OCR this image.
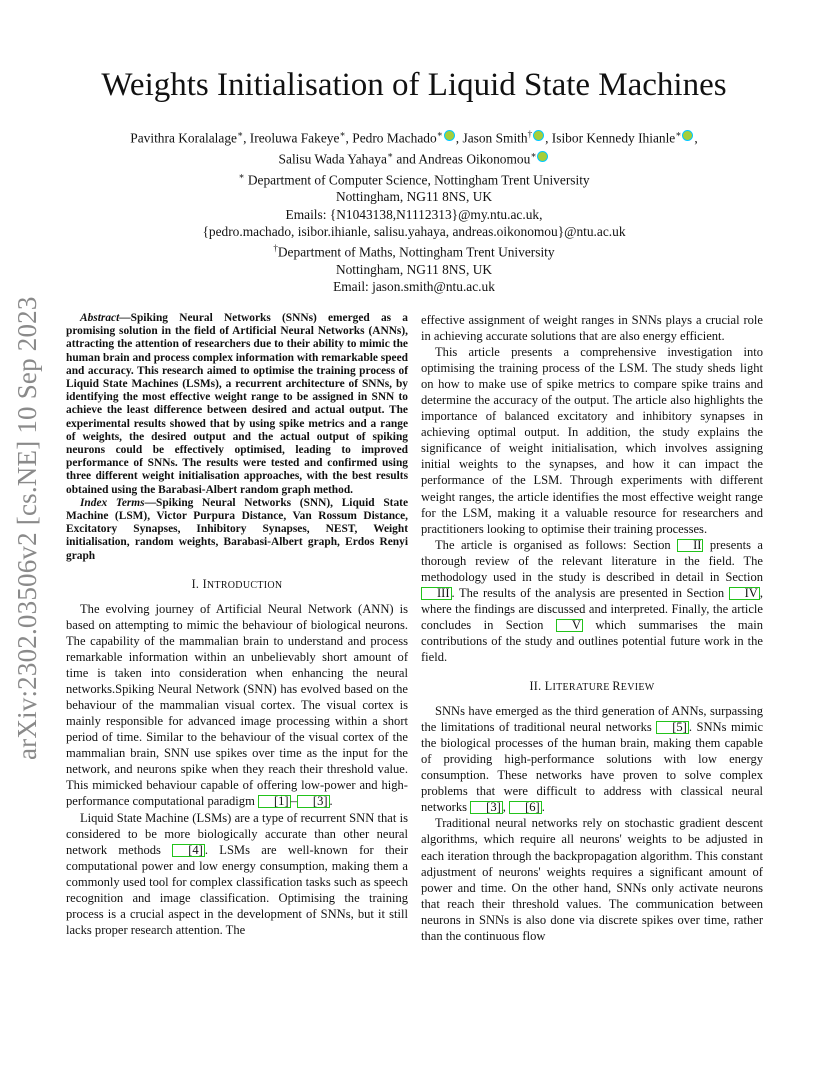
arXiv:2302.03506v2 [cs.NE] 10 Sep 2023
Weights Initialisation of Liquid State Machines
Pavithra Koralalage∗, Ireoluwa Fakeye∗, Pedro Machado∗ , Jason Smith† , Isibor Kennedy Ihianle∗ ,
Salisu Wada Yahaya∗ and Andreas Oikonomou∗
∗ Department of Computer Science, Nottingham Trent University
Nottingham, NG11 8NS, UK
Emails: {N1043138,N1112313}@my.ntu.ac.uk,
{pedro.machado, isibor.ihianle, salisu.yahaya, andreas.oikonomou}@ntu.ac.uk
†Department of Maths, Nottingham Trent University
Nottingham, NG11 8NS, UK
Email: jason.smith@ntu.ac.uk

Abstract—Spiking Neural Networks (SNNs) emerged as a promising solution in the field of Artificial Neural Networks (ANNs), attracting the attention of researchers due to their ability to mimic the human brain and process complex information with remarkable speed and accuracy. This research aimed to optimise the training process of Liquid State Machines (LSMs), a recurrent architecture of SNNs, by identifying the most effective weight range to be assigned in SNN to achieve the least difference between desired and actual output. The experimental results showed that by using spike metrics and a range of weights, the desired output and the actual output of spiking neurons could be effectively optimised, leading to improved performance of SNNs. The results were tested and confirmed using three different weight initialisation approaches, with the best results obtained using the Barabasi-Albert random graph method.

Index Terms—Spiking Neural Networks (SNN), Liquid State Machine (LSM), Victor Purpura Distance, Van Rossum Distance, Excitatory Synapses, Inhibitory Synapses, NEST, Weight initialisation, random weights, Barabasi-Albert graph, Erdos Renyi graph

I. INTRODUCTION

The evolving journey of Artificial Neural Network (ANN) is based on attempting to mimic the behaviour of biological neurons. The capability of the mammalian brain to understand and process remarkable information within an unbelievably short amount of time is taken into consideration when enhancing the neural networks.Spiking Neural Network (SNN) has evolved based on the behaviour of the mammalian visual cortex. The visual cortex is mainly responsible for advanced image processing within a short period of time. Similar to the behaviour of the visual cortex of the mammalian brain, SNN use spikes over time as the input for the network, and neurons spike when they reach their threshold value. This mimicked behaviour capable of offering low-power and high-performance computational paradigm [1] – [3] .

Liquid State Machine (LSMs) are a type of recurrent SNN that is considered to be more biologically accurate than other neural network methods [4] . LSMs are well-known for their computational power and low energy consumption, making them a commonly used tool for complex classification tasks such as speech recognition and image classification. Optimising the training process is a crucial aspect in the development of SNNs, but it still lacks proper research attention. The

effective assignment of weight ranges in SNNs plays a crucial role in achieving accurate solutions that are also energy efficient.

This article presents a comprehensive investigation into optimising the training process of the LSM. The study sheds light on how to make use of spike metrics to compare spike trains and determine the accuracy of the output. The article also highlights the importance of balanced excitatory and inhibitory synapses in achieving optimal output. In addition, the study explains the significance of weight initialisation, which involves assigning initial weights to the synapses, and how it can impact the performance of the LSM. Through experiments with different weight ranges, the article identifies the most effective weight range for the LSM, making it a valuable resource for researchers and practitioners looking to optimise their training processes.

The article is organised as follows: Section II presents a thorough review of the relevant literature in the field. The methodology used in the study is described in detail in Section III . The results of the analysis are presented in Section IV , where the findings are discussed and interpreted. Finally, the article concludes in Section V which summarises the main contributions of the study and outlines potential future work in the field.

II. LITERATURE REVIEW

SNNs have emerged as the third generation of ANNs, surpassing the limitations of traditional neural networks [5] . SNNs mimic the biological processes of the human brain, making them capable of providing high-performance solutions with low energy consumption. These networks have proven to solve complex problems that were difficult to address with classical neural networks [3] , [6] .

Traditional neural networks rely on stochastic gradient descent algorithms, which require all neurons' weights to be adjusted in each iteration through the backpropagation algorithm. This constant adjustment of neurons' weights requires a significant amount of power and time. On the other hand, SNNs only activate neurons that reach their threshold values. The communication between neurons in SNNs is also done via discrete spikes over time, rather than the continuous flow
